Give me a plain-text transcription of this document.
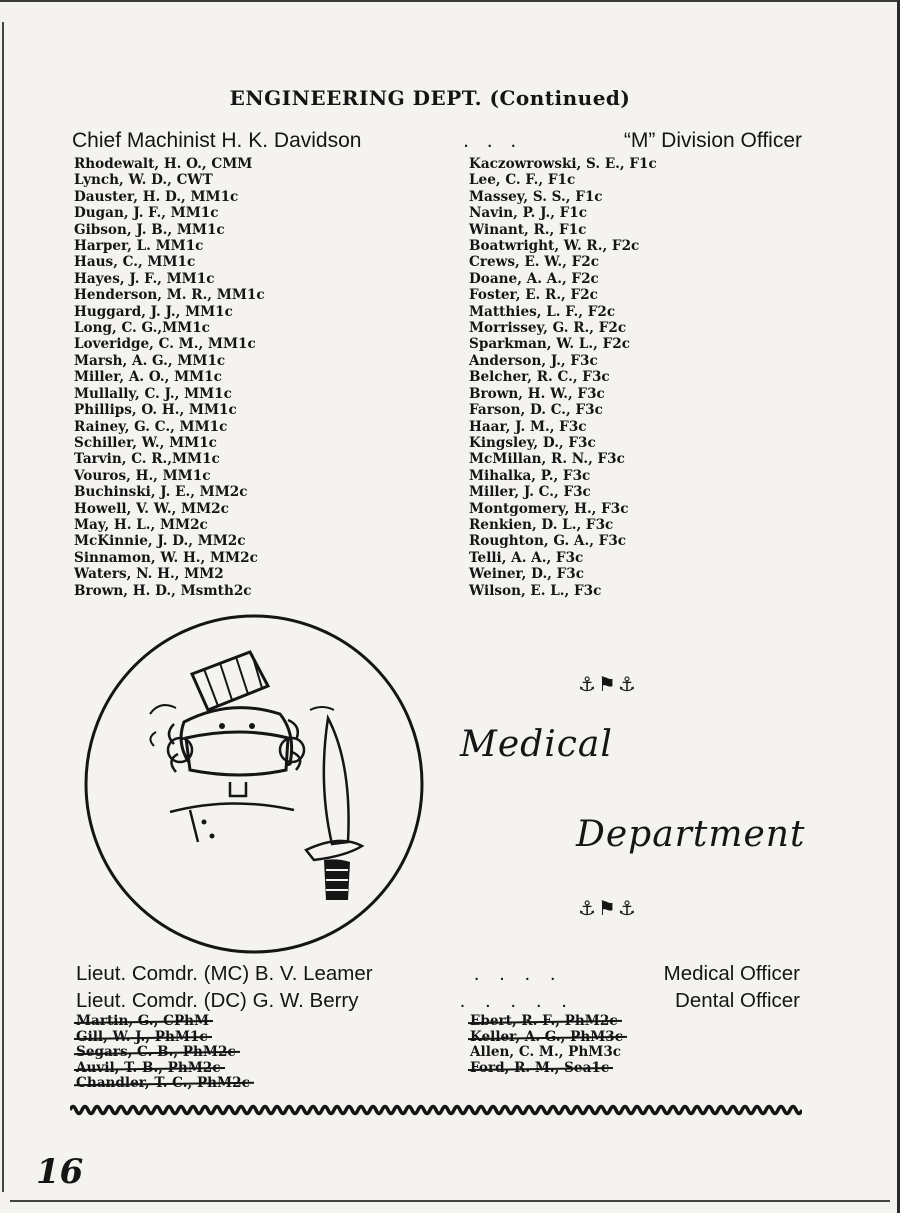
ENGINEERING DEPT. (Continued)
Chief Machinist H. K. Davidson	. . .	“M” Division Officer
Rhodewalt, H. O., CMM
Lynch, W. D., CWT
Dauster, H. D., MM1c
Dugan, J. F., MM1c
Gibson, J. B., MM1c
Harper, L. MM1c
Haus, C., MM1c
Hayes, J. F., MM1c
Henderson, M. R., MM1c
Huggard, J. J., MM1c
Long, C. G.,MM1c
Loveridge, C. M., MM1c
Marsh, A. G., MM1c
Miller, A. O., MM1c
Mullally, C. J., MM1c
Phillips, O. H., MM1c
Rainey, G. C., MM1c
Schiller, W., MM1c
Tarvin, C. R.,MM1c
Vouros, H., MM1c
Buchinski, J. E., MM2c
Howell, V. W., MM2c
May, H. L., MM2c
McKinnie, J. D., MM2c
Sinnamon, W. H., MM2c
Waters, N. H., MM2
Brown, H. D., Msmth2c
Kaczowrowski, S. E., F1c
Lee, C. F., F1c
Massey, S. S., F1c
Navin, P. J., F1c
Winant, R., F1c
Boatwright, W. R., F2c
Crews, E. W., F2c
Doane, A. A., F2c
Foster, E. R., F2c
Matthies, L. F., F2c
Morrissey, G. R., F2c
Sparkman, W. L., F2c
Anderson, J., F3c
Belcher, R. C., F3c
Brown, H. W., F3c
Farson, D. C., F3c
Haar, J. M., F3c
Kingsley, D., F3c
McMillan, R. N., F3c
Mihalka, P., F3c
Miller, J. C., F3c
Montgomery, H., F3c
Renkien, D. L., F3c
Roughton, G. A., F3c
Telli, A. A., F3c
Weiner, D., F3c
Wilson, E. L., F3c
⚓⚑⚓
Medical
Department
⚓⚑⚓
Lieut. Comdr. (MC) B. V. Leamer	. . . .	Medical Officer
Lieut. Comdr. (DC) G. W. Berry	. . . . .	Dental Officer
Martin, G., CPhM
Gill, W. J., PhM1c
Segars, C. B., PhM2c
Auvil, T. B., PhM2c
Chandler, T. C., PhM2c
Ebert, R. F., PhM2c
Keller, A. G., PhM3c
Allen, C. M., PhM3c
Ford, R. M., Sea1c
16
